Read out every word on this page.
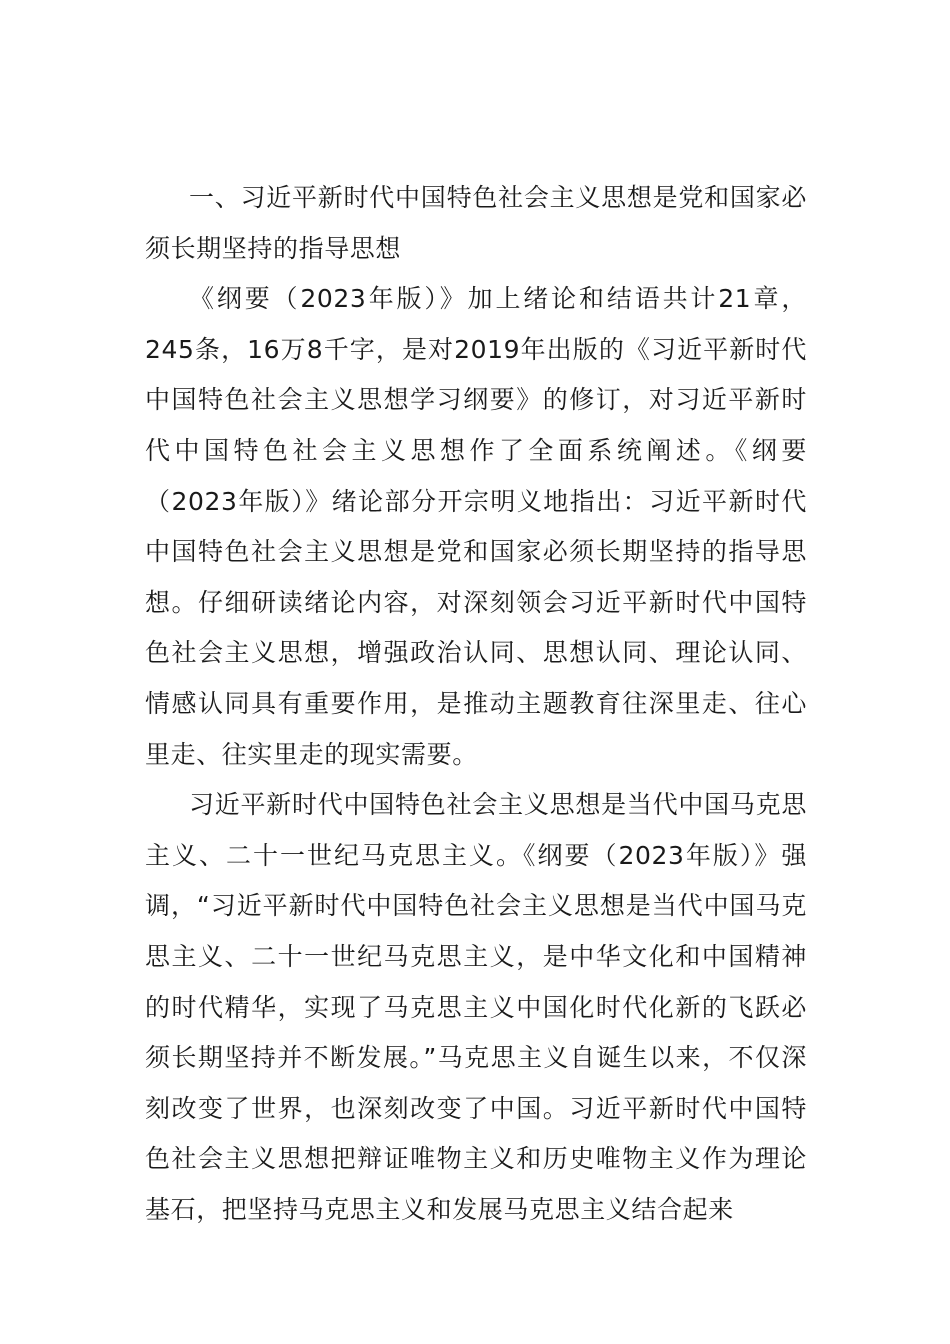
一、习近平新时代中国特色社会主义思想是党和国家必须长期坚持的指导思想

《纲要（2023年版）》加上绪论和结语共计21章，245条，16万8千字，是对2019年出版的《习近平新时代中国特色社会主义思想学习纲要》的修订，对习近平新时代中国特色社会主义思想作了全面系统阐述。《纲要（2023年版）》绪论部分开宗明义地指出：习近平新时代中国特色社会主义思想是党和国家必须长期坚持的指导思想。仔细研读绪论内容，对深刻领会习近平新时代中国特色社会主义思想，增强政治认同、思想认同、理论认同、情感认同具有重要作用，是推动主题教育往深里走、往心里走、往实里走的现实需要。

习近平新时代中国特色社会主义思想是当代中国马克思主义、二十一世纪马克思主义。《纲要（2023年版）》强调，“习近平新时代中国特色社会主义思想是当代中国马克思主义、二十一世纪马克思主义，是中华文化和中国精神的时代精华，实现了马克思主义中国化时代化新的飞跃必须长期坚持并不断发展。”马克思主义自诞生以来，不仅深刻改变了世界，也深刻改变了中国。习近平新时代中国特色社会主义思想把辩证唯物主义和历史唯物主义作为理论基石，把坚持马克思主义和发展马克思主义结合起来
